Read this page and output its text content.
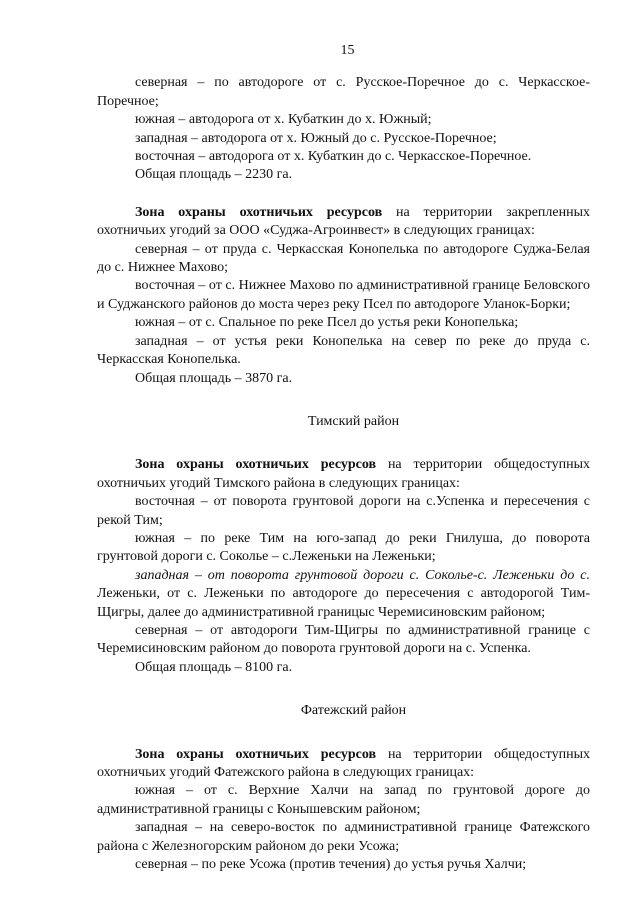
15

северная – по автодороге от с. Русское-Поречное до с. Черкасское-Поречное;

южная – автодорога от х. Кубаткин до х. Южный;

западная – автодорога от х. Южный до с. Русское-Поречное;

восточная – автодорога от х. Кубаткин до с. Черкасское-Поречное.

Общая площадь – 2230 га.

Зона охраны охотничьих ресурсов на территории закрепленных охотничьих угодий за ООО «Суджа-Агроинвест» в следующих границах:

северная – от пруда с. Черкасская Конопелька по автодороге Суджа-Белая до с. Нижнее Махово;

восточная – от с. Нижнее Махово по административной границе Беловского и Суджанского районов до моста через реку Псел по автодороге Уланок-Борки;

южная – от с. Спальное по реке Псел до устья реки Конопелька;

западная – от устья реки Конопелька на север по реке до пруда с. Черкасская Конопелька.

Общая площадь – 3870 га.

Тимский район

Зона охраны охотничьих ресурсов на территории общедоступных охотничьих угодий Тимского района в следующих границах:

восточная – от поворота грунтовой дороги на с.Успенка и пересечения с рекой Тим;

южная – по реке Тим на юго-запад до реки Гнилуша, до поворота грунтовой дороги с. Соколье – с.Леженьки на Леженьки;

западная – от поворота грунтовой дороги с. Соколье-с. Леженьки до с. Леженьки, от с. Леженьки по автодороге до пересечения с автодорогой Тим-Щигры, далее до административной границыс Черемисиновским районом;

северная – от автодороги Тим-Щигры по административной границе с Черемисиновским районом до поворота грунтовой дороги на с. Успенка.

Общая площадь – 8100 га.

Фатежский район

Зона охраны охотничьих ресурсов на территории общедоступных охотничьих угодий Фатежского района в следующих границах:

южная – от с. Верхние Халчи на запад по грунтовой дороге до административной границы с Конышевским районом;

западная – на северо-восток по административной границе Фатежского района с Железногорским районом до реки Усожа;

северная – по реке Усожа (против течения) до устья ручья Халчи;
